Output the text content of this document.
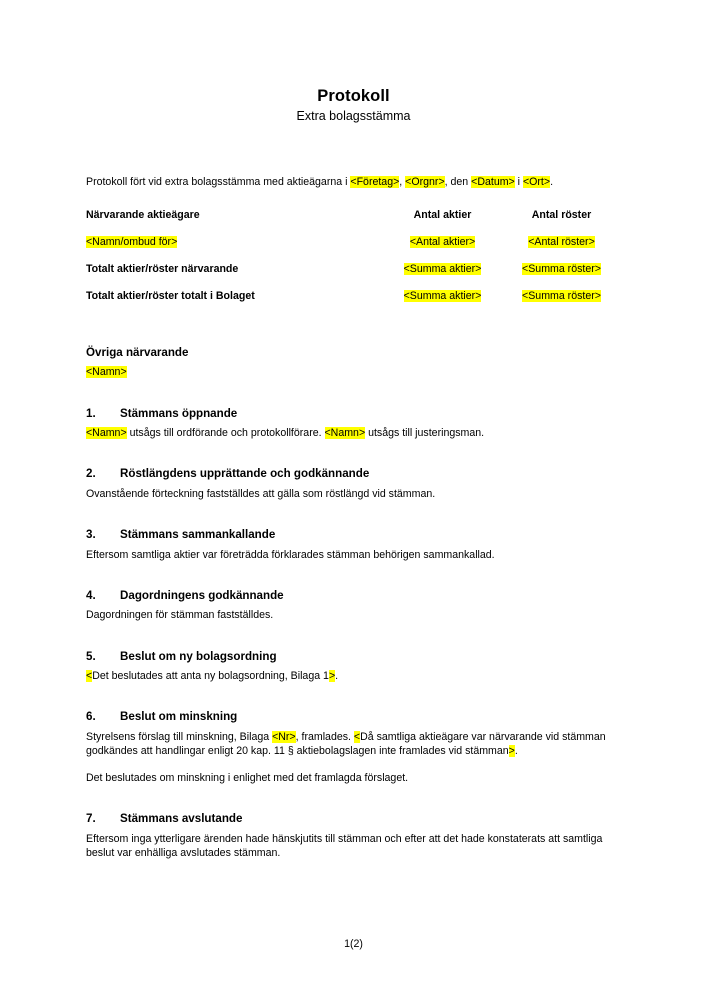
Protokoll
Extra bolagsstämma

Protokoll fört vid extra bolagsstämma med aktieägarna i <Företag>, <Orgnr>, den <Datum> i <Ort>.

Närvarande aktieägare	Antal aktier	Antal röster
<Namn/ombud för>	<Antal aktier>	<Antal röster>
Totalt aktier/röster närvarande	<Summa aktier>	<Summa röster>
Totalt aktier/röster totalt i Bolaget	<Summa aktier>	<Summa röster>
Övriga närvarande

<Namn>

1.	Stämmans öppnande

<Namn> utsågs till ordförande och protokollförare. <Namn> utsågs till justeringsman.

2.	Röstlängdens upprättande och godkännande

Ovanstående förteckning fastställdes att gälla som röstlängd vid stämman.

3.	Stämmans sammankallande

Eftersom samtliga aktier var företrädda förklarades stämman behörigen sammankallad.

4.	Dagordningens godkännande

Dagordningen för stämman fastställdes.

5.	Beslut om ny bolagsordning

<Det beslutades att anta ny bolagsordning, Bilaga 1>.

6.	Beslut om minskning

Styrelsens förslag till minskning, Bilaga <Nr>, framlades. <Då samtliga aktieägare var närvarande vid stämman godkändes att handlingar enligt 20 kap. 11 § aktiebolagslagen inte framlades vid stämman>.

Det beslutades om minskning i enlighet med det framlagda förslaget.

7.	Stämmans avslutande

Eftersom inga ytterligare ärenden hade hänskjutits till stämman och efter att det hade konstaterats att samtliga beslut var enhälliga avslutades stämman.

1(2)
